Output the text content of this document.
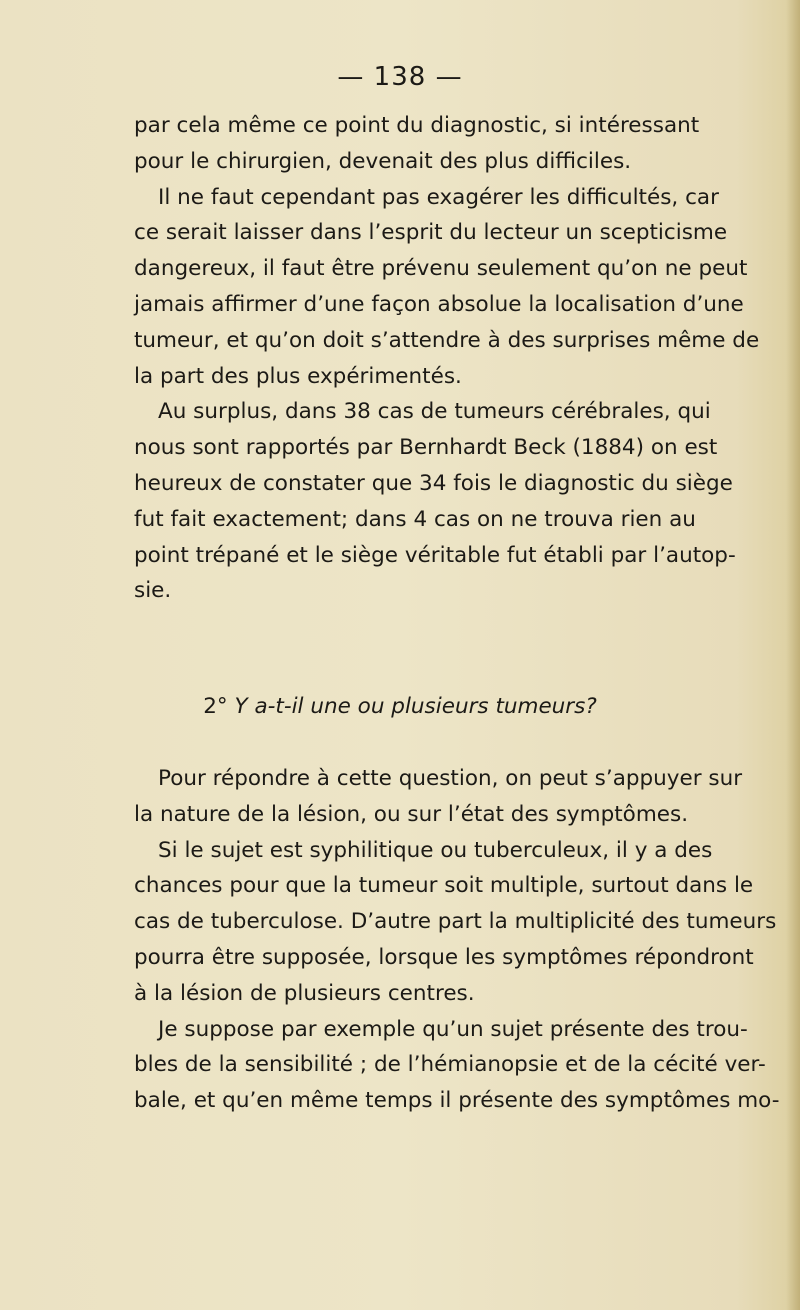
— 138 —
par cela même ce point du diagnostic, si intéressant
pour le chirurgien, devenait des plus difficiles.
Il ne faut cependant pas exagérer les difficultés, car
ce serait laisser dans l’esprit du lecteur un scepticisme
dangereux, il faut être prévenu seulement qu’on ne peut
jamais affirmer d’une façon absolue la localisation d’une
tumeur, et qu’on doit s’attendre à des surprises même de
la part des plus expérimentés.
Au surplus, dans 38 cas de tumeurs cérébrales, qui
nous sont rapportés par Bernhardt Beck (1884) on est
heureux de constater que 34 fois le diagnostic du siège
fut fait exactement; dans 4 cas on ne trouva rien au
point trépané et le siège véritable fut établi par l’autop-
sie.
2° Y a-t-il une ou plusieurs tumeurs?
Pour répondre à cette question, on peut s’appuyer sur
la nature de la lésion, ou sur l’état des symptômes.
Si le sujet est syphilitique ou tuberculeux, il y a des
chances pour que la tumeur soit multiple, surtout dans le
cas de tuberculose. D’autre part la multiplicité des tumeurs
pourra être supposée, lorsque les symptômes répondront
à la lésion de plusieurs centres.
Je suppose par exemple qu’un sujet présente des trou-
bles de la sensibilité ; de l’hémianopsie et de la cécité ver-
bale, et qu’en même temps il présente des symptômes mo-
